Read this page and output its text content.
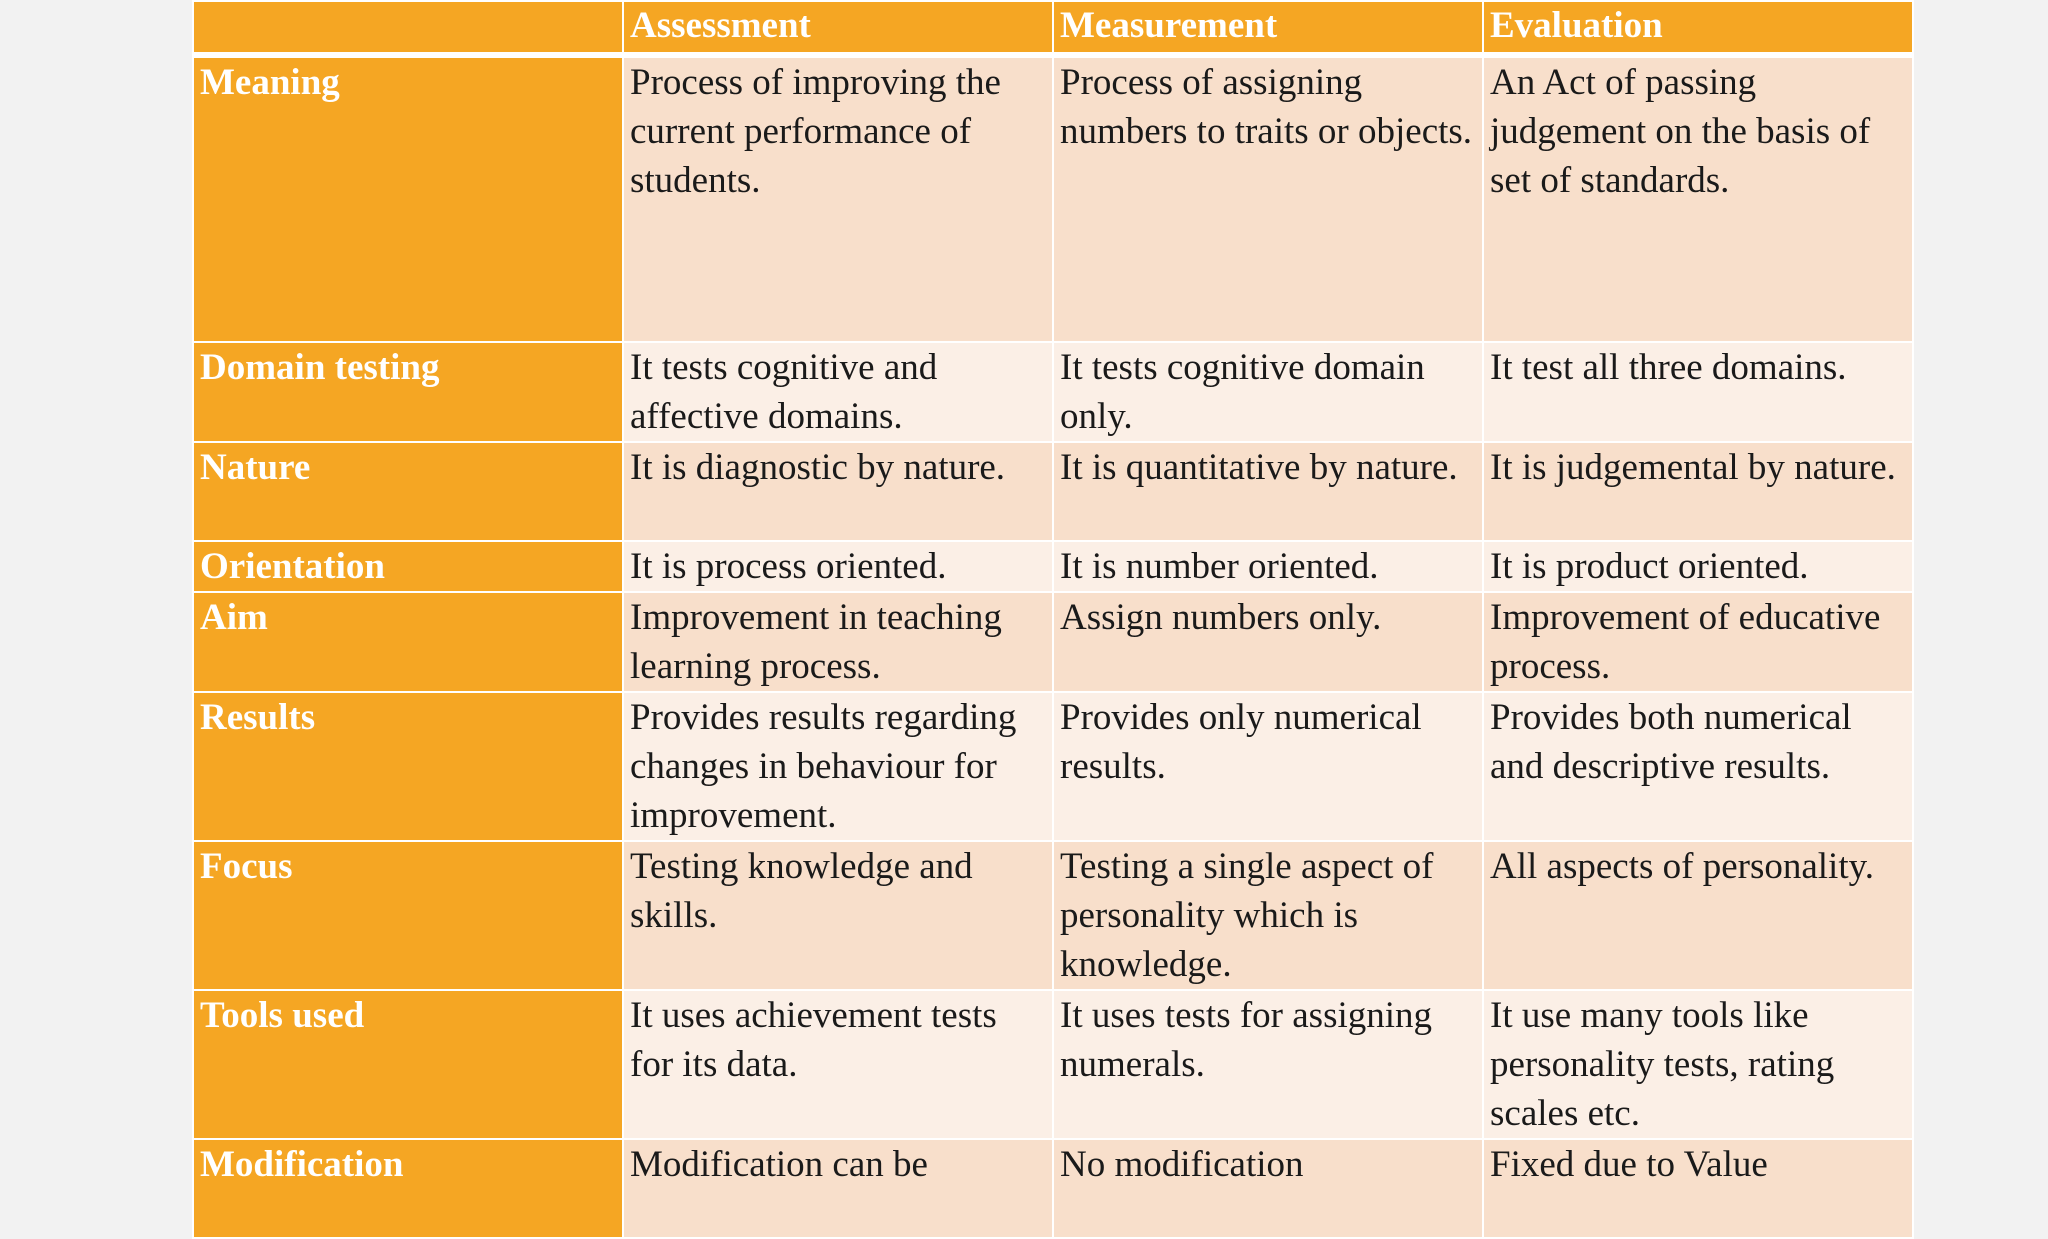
	Assessment	Measurement	Evaluation
Meaning	Process of improving the current performance of students.	Process of assigning numbers to traits or objects.	An Act of passing judgement on the basis of set of standards.
Domain testing	It tests cognitive and affective domains.	It tests cognitive domain only.	It test all three domains.
Nature	It is diagnostic by nature.	It is quantitative by nature.	It is judgemental by nature.
Orientation	It is process oriented.	It is number oriented.	It is product oriented.
Aim	Improvement in teaching learning process.	Assign numbers only.	Improvement of educative process.
Results	Provides results regarding changes in behaviour for improvement.	Provides only numerical results.	Provides both numerical and descriptive results.
Focus	Testing knowledge and skills.	Testing a single aspect of personality which is knowledge.	All aspects of personality.
Tools used	It uses achievement tests for its data.	It uses tests for assigning numerals.	It use many tools like personality tests, rating scales etc.
Modification	Modification can be	No modification	Fixed due to Value
